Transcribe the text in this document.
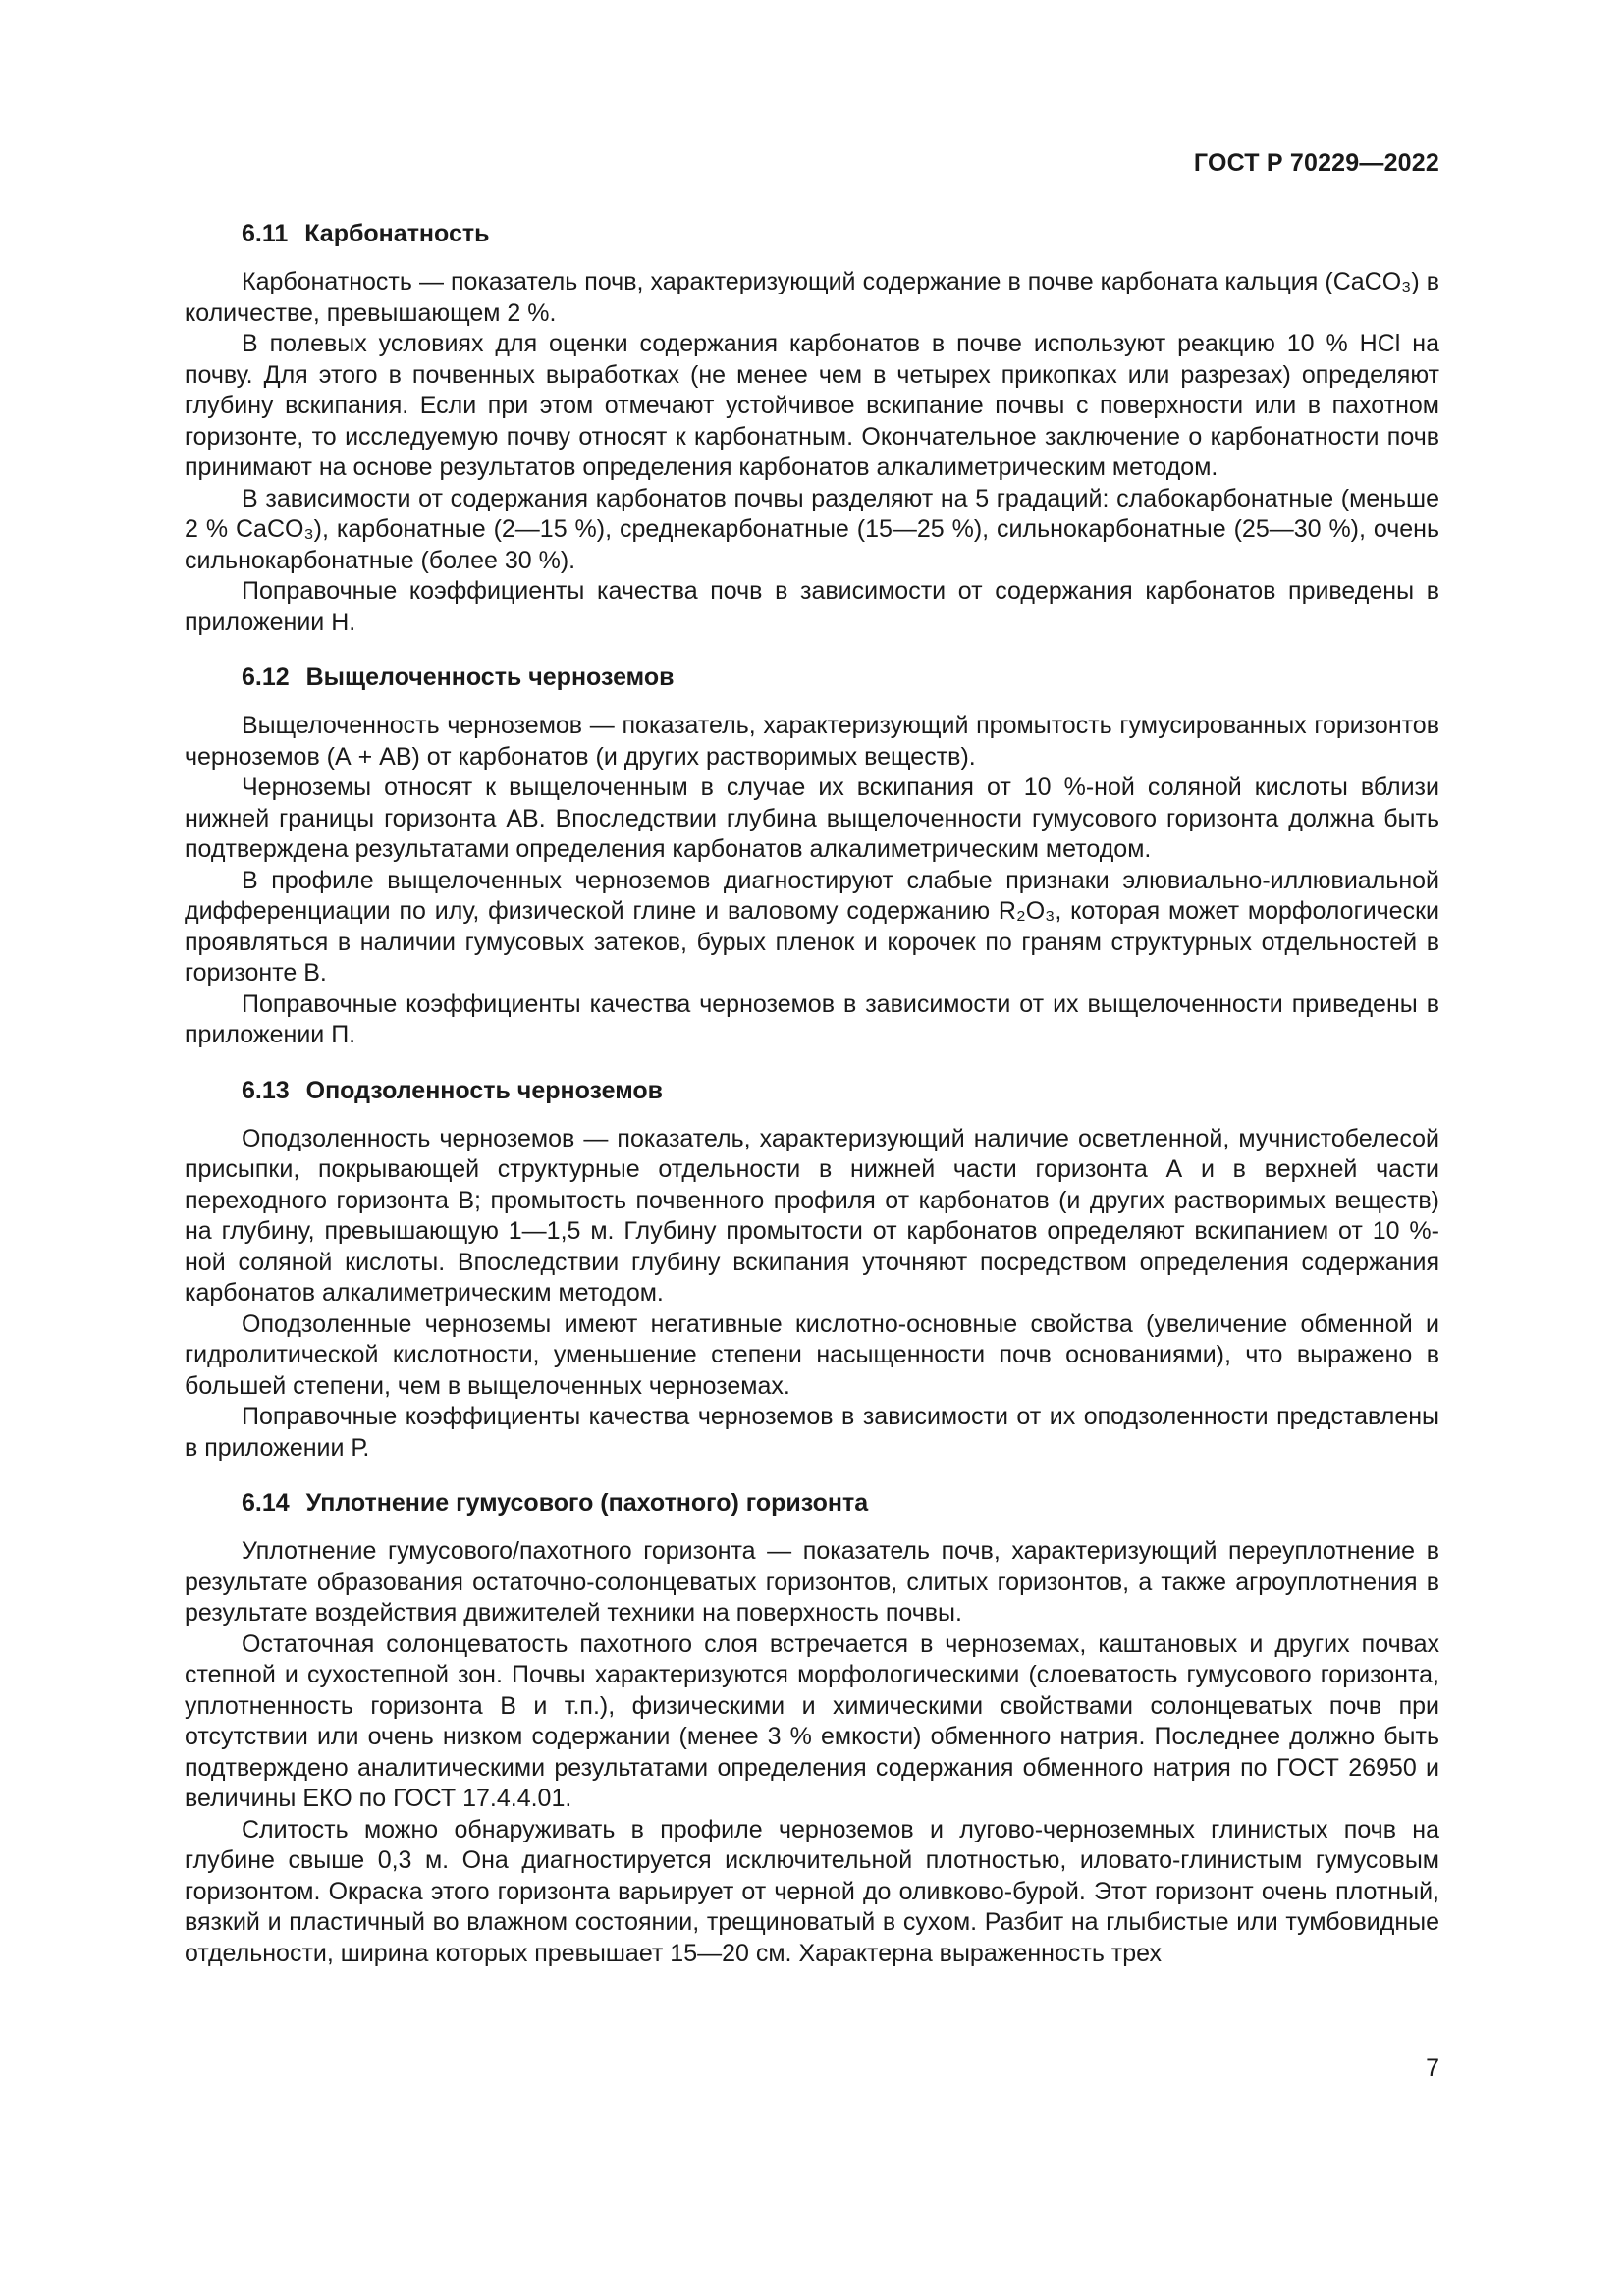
ГОСТ Р 70229—2022
6.11 Карбонатность

Карбонатность — показатель почв, характеризующий содержание в почве карбоната кальция (CaCO₃) в количестве, превышающем 2 %.

В полевых условиях для оценки содержания карбонатов в почве используют реакцию 10 % HCl на почву. Для этого в почвенных выработках (не менее чем в четырех прикопках или разрезах) определяют глубину вскипания. Если при этом отмечают устойчивое вскипание почвы с поверхности или в пахотном горизонте, то исследуемую почву относят к карбонатным. Окончательное заключение о карбонатности почв принимают на основе результатов определения карбонатов алкалиметрическим методом.

В зависимости от содержания карбонатов почвы разделяют на 5 градаций: слабокарбонатные (меньше 2 % CaCO₃), карбонатные (2—15 %), среднекарбонатные (15—25 %), сильнокарбонатные (25—30 %), очень сильнокарбонатные (более 30 %).

Поправочные коэффициенты качества почв в зависимости от содержания карбонатов приведены в приложении Н.

6.12 Выщелоченность черноземов

Выщелоченность черноземов — показатель, характеризующий промытость гумусированных горизонтов черноземов (А + АВ) от карбонатов (и других растворимых веществ).

Черноземы относят к выщелоченным в случае их вскипания от 10 %-ной соляной кислоты вблизи нижней границы горизонта АВ. Впоследствии глубина выщелоченности гумусового горизонта должна быть подтверждена результатами определения карбонатов алкалиметрическим методом.

В профиле выщелоченных черноземов диагностируют слабые признаки элювиально-иллювиальной дифференциации по илу, физической глине и валовому содержанию R₂O₃, которая может морфологически проявляться в наличии гумусовых затеков, бурых пленок и корочек по граням структурных отдельностей в горизонте В.

Поправочные коэффициенты качества черноземов в зависимости от их выщелоченности приведены в приложении П.

6.13 Оподзоленность черноземов

Оподзоленность черноземов — показатель, характеризующий наличие осветленной, мучнистобелесой присыпки, покрывающей структурные отдельности в нижней части горизонта А и в верхней части переходного горизонта В; промытость почвенного профиля от карбонатов (и других растворимых веществ) на глубину, превышающую 1—1,5 м. Глубину промытости от карбонатов определяют вскипанием от 10 %-ной соляной кислоты. Впоследствии глубину вскипания уточняют посредством определения содержания карбонатов алкалиметрическим методом.

Оподзоленные черноземы имеют негативные кислотно-основные свойства (увеличение обменной и гидролитической кислотности, уменьшение степени насыщенности почв основаниями), что выражено в большей степени, чем в выщелоченных черноземах.

Поправочные коэффициенты качества черноземов в зависимости от их оподзоленности представлены в приложении Р.

6.14 Уплотнение гумусового (пахотного) горизонта

Уплотнение гумусового/пахотного горизонта — показатель почв, характеризующий переуплотнение в результате образования остаточно-солонцеватых горизонтов, слитых горизонтов, а также агроуплотнения в результате воздействия движителей техники на поверхность почвы.

Остаточная солонцеватость пахотного слоя встречается в черноземах, каштановых и других почвах степной и сухостепной зон. Почвы характеризуются морфологическими (слоеватость гумусового горизонта, уплотненность горизонта В и т.п.), физическими и химическими свойствами солонцеватых почв при отсутствии или очень низком содержании (менее 3 % емкости) обменного натрия. Последнее должно быть подтверждено аналитическими результатами определения содержания обменного натрия по ГОСТ 26950 и величины ЕКО по ГОСТ 17.4.4.01.

Слитость можно обнаруживать в профиле черноземов и лугово-черноземных глинистых почв на глубине свыше 0,3 м. Она диагностируется исключительной плотностью, иловато-глинистым гумусовым горизонтом. Окраска этого горизонта варьирует от черной до оливково-бурой. Этот горизонт очень плотный, вязкий и пластичный во влажном состоянии, трещиноватый в сухом. Разбит на глыбистые или тумбовидные отдельности, ширина которых превышает 15—20 см. Характерна выраженность трех

7
